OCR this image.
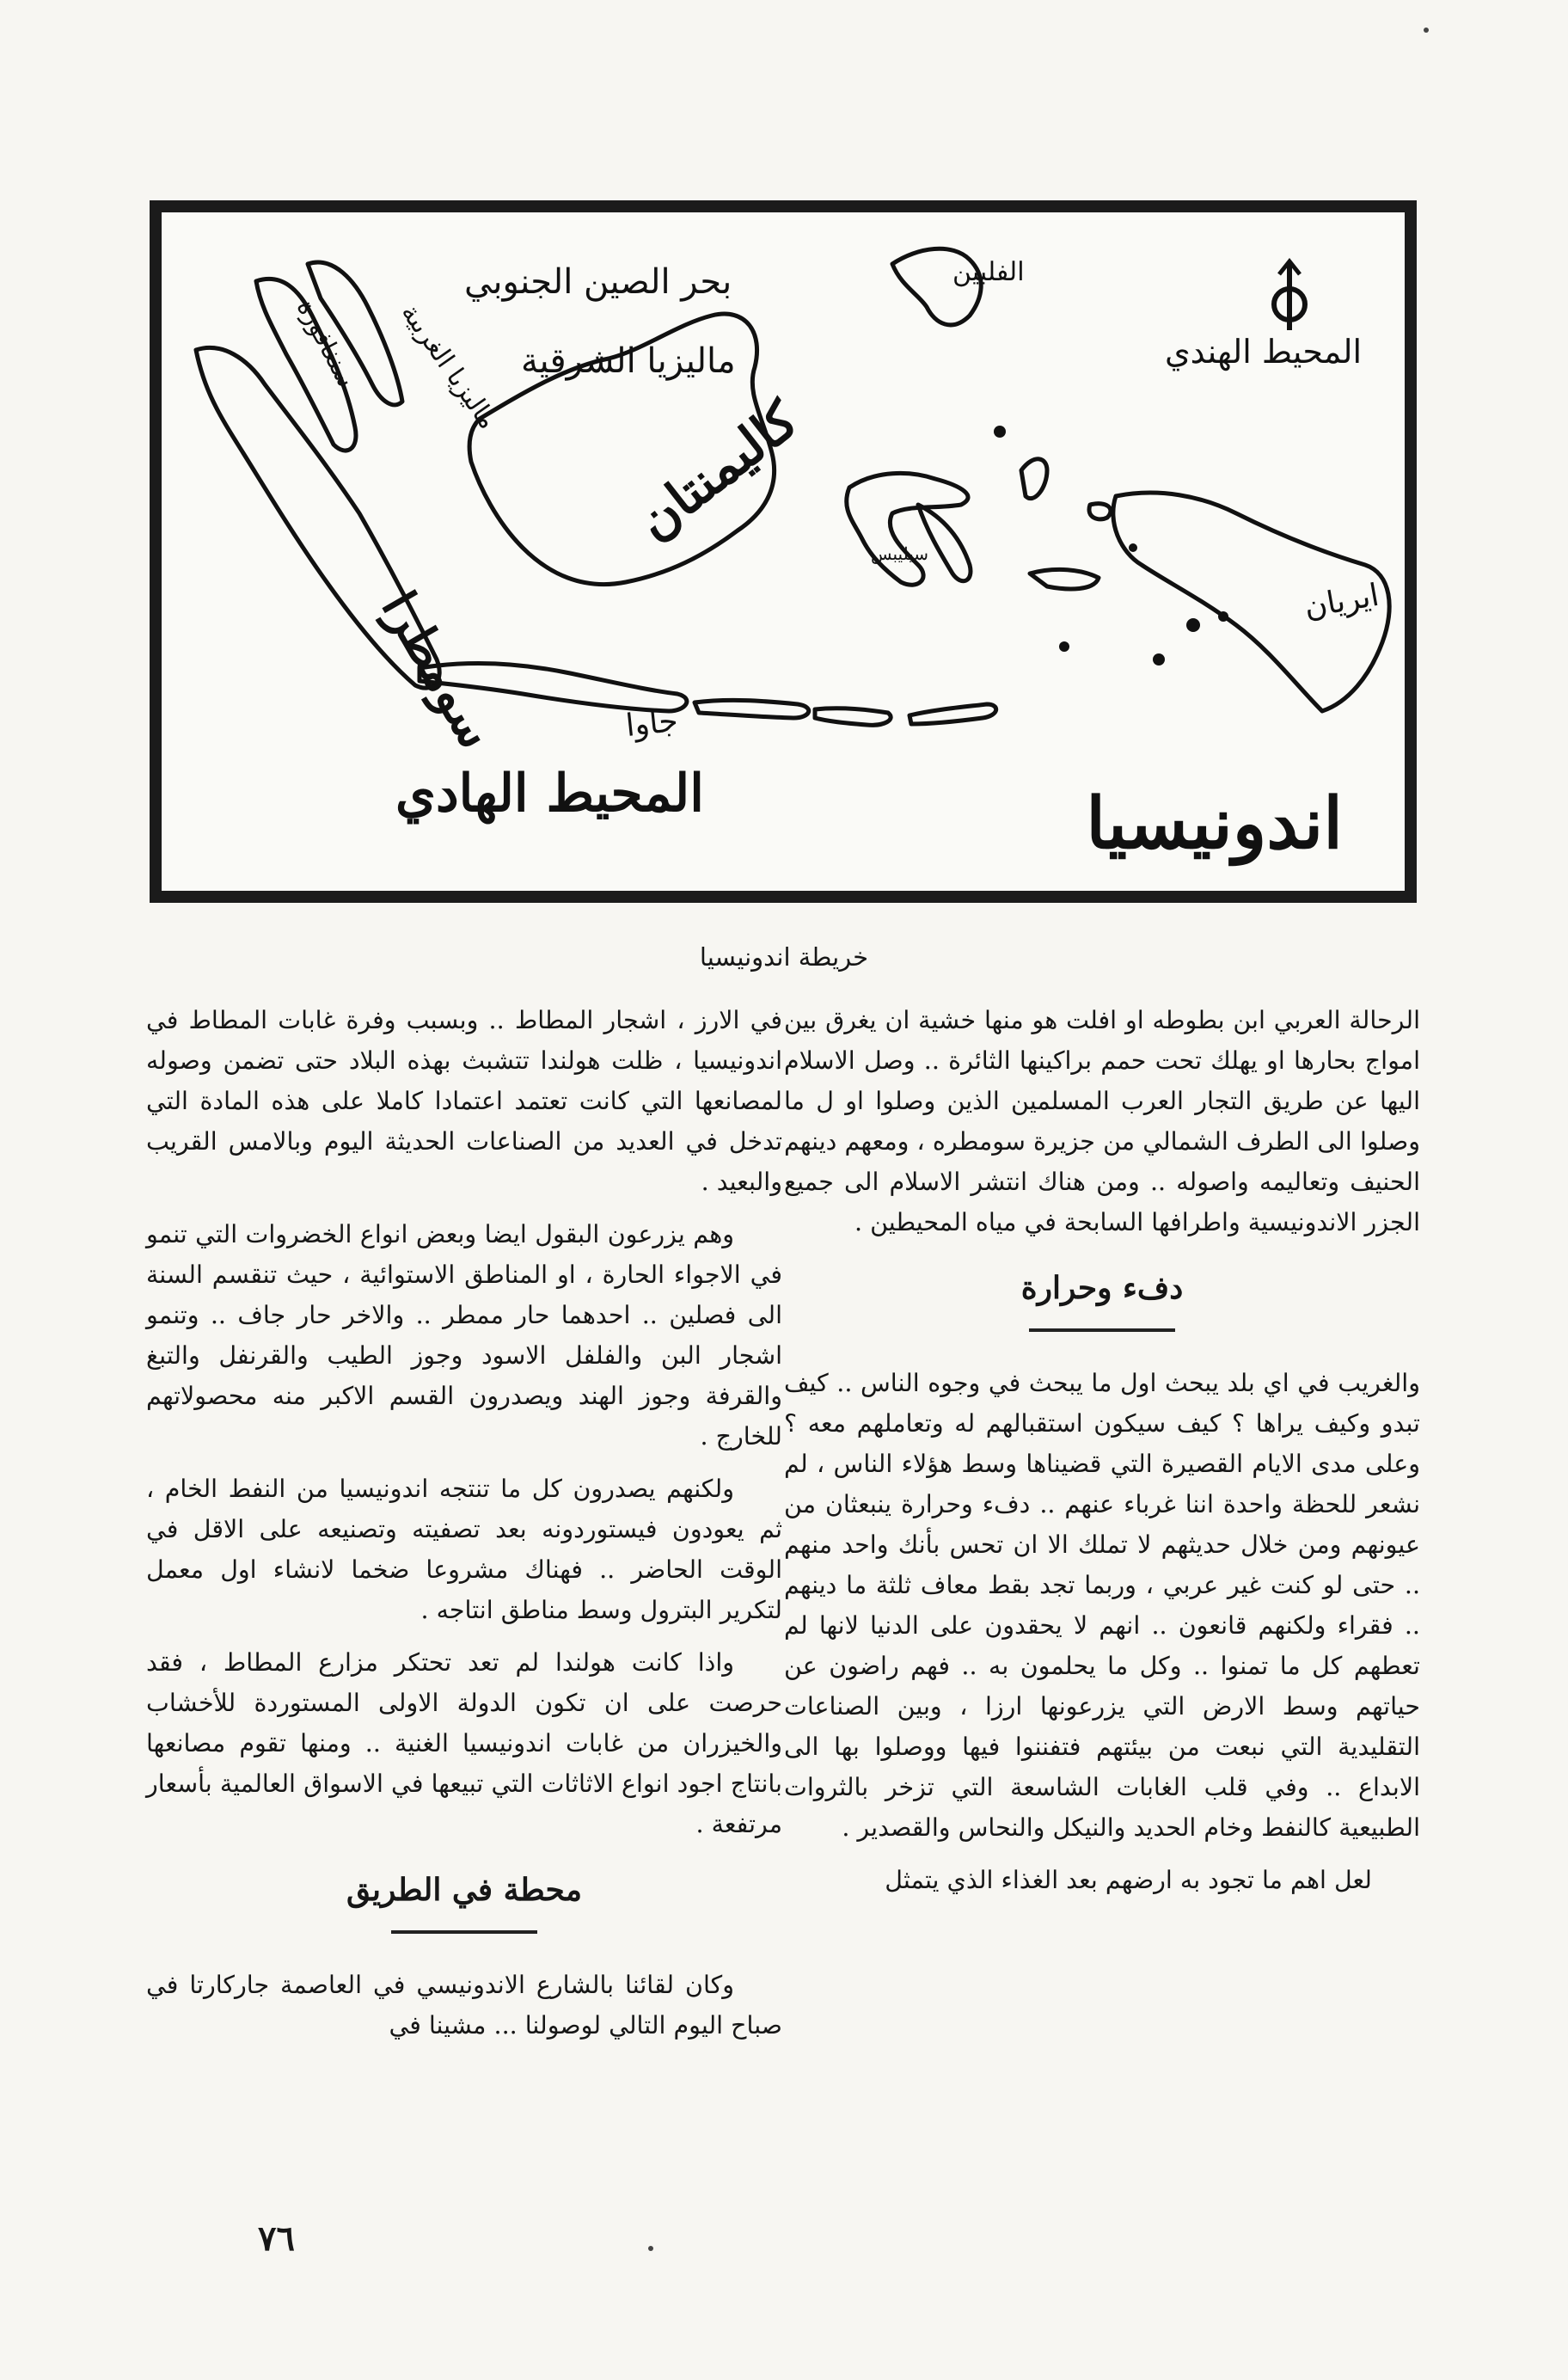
اندونيسيا
المحيط الهادي
المحيط الهندي
بحر الصين الجنوبي
ماليزيا الشرقية
كاليمنتان
سومطرا
ماليزيا الغربية
سنغافورة
جاوا
ايريان
الفلبين
سيليبس
خريطة اندونيسيا

الرحالة العربي ابن بطوطه او افلت هو منها خشية ان يغرق بين امواج بحارها او يهلك تحت حمم براكينها الثائرة .. وصل الاسلام اليها عن طريق التجار العرب المسلمين الذين وصلوا او ل ما وصلوا الى الطرف الشمالي من جزيرة سومطره ، ومعهم دينهم الحنيف وتعاليمه واصوله .. ومن هناك انتشر الاسلام الى جميع الجزر الاندونيسية واطرافها السابحة في مياه المحيطين .

دفء وحرارة

والغريب في اي بلد يبحث اول ما يبحث في وجوه الناس .. كيف تبدو وكيف يراها ؟ كيف سيكون استقبالهم له وتعاملهم معه ؟ وعلى مدى الايام القصيرة التي قضيناها وسط هؤلاء الناس ، لم نشعر للحظة واحدة اننا غرباء عنهم .. دفء وحرارة ينبعثان من عيونهم ومن خلال حديثهم لا تملك الا ان تحس بأنك واحد منهم .. حتى لو كنت غير عربي ، وربما تجد بقط معاف ثلثة ما دينهم .. فقراء ولكنهم قانعون .. انهم لا يحقدون على الدنيا لانها لم تعطهم كل ما تمنوا .. وكل ما يحلمون به .. فهم راضون عن حياتهم وسط الارض التي يزرعونها ارزا ، وبين الصناعات التقليدية التي نبعت من بيئتهم فتفننوا فيها ووصلوا بها الى الابداع .. وفي قلب الغابات الشاسعة التي تزخر بالثروات الطبيعية كالنفط وخام الحديد والنيكل والنحاس والقصدير .

لعل اهم ما تجود به ارضهم بعد الغذاء الذي يتمثل

في الارز ، اشجار المطاط .. وبسبب وفرة غابات المطاط في اندونيسيا ، ظلت هولندا تتشبث بهذه البلاد حتى تضمن وصوله لمصانعها التي كانت تعتمد اعتمادا كاملا على هذه المادة التي تدخل في العديد من الصناعات الحديثة اليوم وبالامس القريب والبعيد .

وهم يزرعون البقول ايضا وبعض انواع الخضروات التي تنمو في الاجواء الحارة ، او المناطق الاستوائية ، حيث تنقسم السنة الى فصلين .. احدهما حار ممطر .. والاخر حار جاف .. وتنمو اشجار البن والفلفل الاسود وجوز الطيب والقرنفل والتبغ والقرفة وجوز الهند ويصدرون القسم الاكبر منه محصولاتهم للخارج .

ولكنهم يصدرون كل ما تنتجه اندونيسيا من النفط الخام ، ثم يعودون فيستوردونه بعد تصفيته وتصنيعه على الاقل في الوقت الحاضر .. فهناك مشروعا ضخما لانشاء اول معمل لتكرير البترول وسط مناطق انتاجه .

واذا كانت هولندا لم تعد تحتكر مزارع المطاط ، فقد حرصت على ان تكون الدولة الاولى المستوردة للأخشاب والخيزران من غابات اندونيسيا الغنية .. ومنها تقوم مصانعها بانتاج اجود انواع الاثاثات التي تبيعها في الاسواق العالمية بأسعار مرتفعة .

محطة في الطريق

وكان لقائنا بالشارع الاندونيسي في العاصمة جاركارتا في صباح اليوم التالي لوصولنا ... مشينا في

٧٦
